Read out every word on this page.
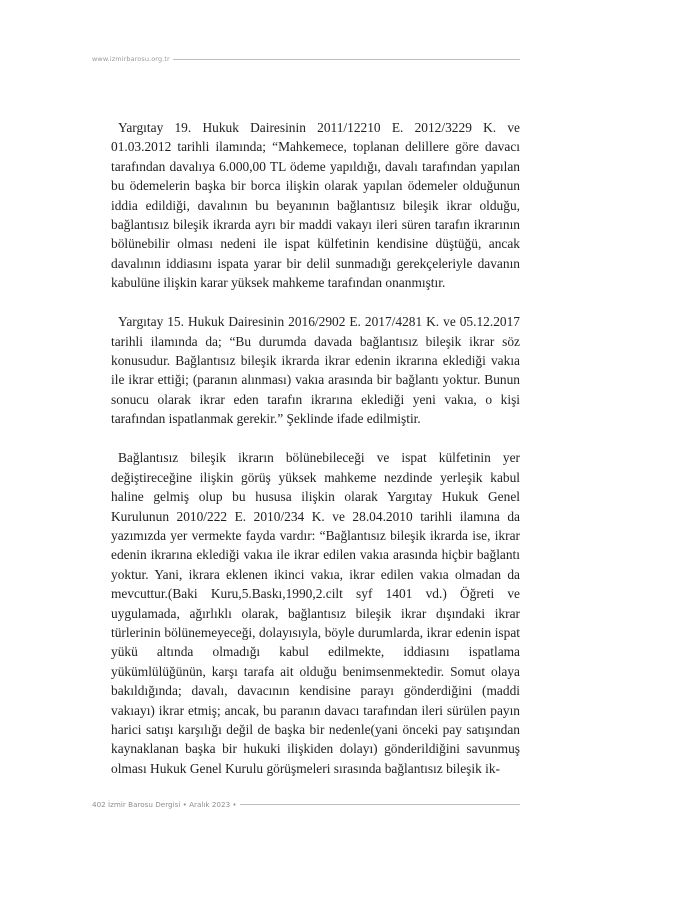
www.izmirbarosu.org.tr

Yargıtay 19. Hukuk Dairesinin 2011/12210 E. 2012/3229 K. ve 01.03.2012 tarihli ilamında; “Mahkemece, toplanan delillere göre davacı tarafından davalıya 6.000,00 TL ödeme yapıldığı, davalı tarafından yapılan bu ödemelerin başka bir borca ilişkin olarak yapılan ödemeler olduğunun iddia edildiği, davalının bu beyanının bağlantısız bileşik ikrar olduğu, bağlantısız bileşik ikrarda ayrı bir maddi vakayı ileri süren tarafın ikrarının bölünebilir olması nedeni ile ispat külfetinin kendisine düştüğü, ancak davalının iddiasını ispata yarar bir delil sunmadığı gerekçeleriyle davanın kabulüne ilişkin karar yüksek mahkeme tarafından onanmıştır.

Yargıtay 15. Hukuk Dairesinin 2016/2902 E. 2017/4281 K. ve 05.12.2017 tarihli ilamında da; “Bu durumda davada bağlantısız bileşik ikrar söz konusudur. Bağlantısız bileşik ikrarda ikrar edenin ikrarına eklediği vakıa ile ikrar ettiği; (paranın alınması) vakıa arasında bir bağlantı yoktur. Bunun sonucu olarak ikrar eden tarafın ikrarına eklediği yeni vakıa, o kişi tarafından ispatlanmak gerekir.” Şeklinde ifade edilmiştir.

Bağlantısız bileşik ikrarın bölünebileceği ve ispat külfetinin yer değiştireceğine ilişkin görüş yüksek mahkeme nezdinde yerleşik kabul haline gelmiş olup bu hususa ilişkin olarak Yargıtay Hukuk Genel Kurulunun 2010/222 E. 2010/234 K. ve 28.04.2010 tarihli ilamına da yazımızda yer vermekte fayda vardır: “Bağlantısız bileşik ikrarda ise, ikrar edenin ikrarına eklediği vakıa ile ikrar edilen vakıa arasında hiçbir bağlantı yoktur. Yani, ikrara eklenen ikinci vakıa, ikrar edilen vakıa olmadan da mevcuttur.(Baki Kuru,5.Baskı,1990,2.cilt syf 1401 vd.) Öğreti ve uygulamada, ağırlıklı olarak, bağlantısız bileşik ikrar dışındaki ikrar türlerinin bölünemeyeceği, dolayısıyla, böyle durumlarda, ikrar edenin ispat yükü altında olmadığı kabul edilmekte, iddiasını ispatlama yükümlülüğünün, karşı tarafa ait olduğu benimsenmektedir. Somut olaya bakıldığında; davalı, davacının kendisine parayı gönderdiğini (maddi vakıayı) ikrar etmiş; ancak, bu paranın davacı tarafından ileri sürülen payın harici satışı karşılığı değil de başka bir nedenle(yani önceki pay satışından kaynaklanan başka bir hukuki ilişkiden dolayı) gönderildiğini savunmuş olması Hukuk Genel Kurulu görüşmeleri sırasında bağlantısız bileşik ik-

402 İzmir Barosu Dergisi • Aralık 2023 •
